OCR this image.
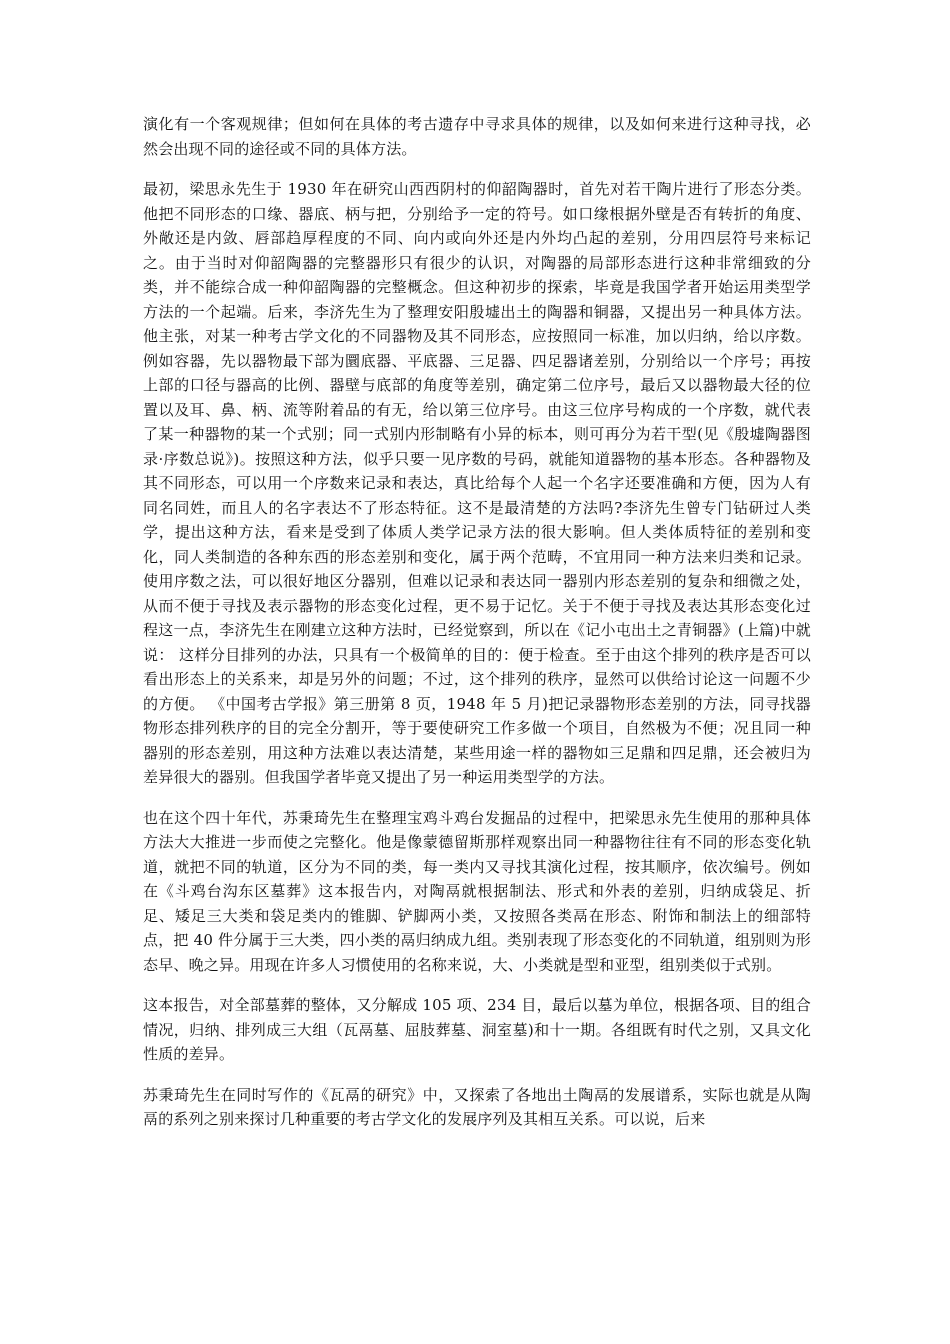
演化有一个客观规律；但如何在具体的考古遗存中寻求具体的规律，以及如何来进行这种寻找，必然会出现不同的途径或不同的具体方法。

最初，梁思永先生于 1930 年在研究山西西阴村的仰韶陶器时，首先对若干陶片进行了形态分类。他把不同形态的口缘、器底、柄与把，分别给予一定的符号。如口缘根据外壁是否有转折的角度、外敞还是内敛、唇部趋厚程度的不同、向内或向外还是内外均凸起的差别，分用四层符号来标记之。由于当时对仰韶陶器的完整器形只有很少的认识，对陶器的局部形态进行这种非常细致的分类，并不能综合成一种仰韶陶器的完整概念。但这种初步的探索，毕竟是我国学者开始运用类型学方法的一个起端。后来，李济先生为了整理安阳殷墟出土的陶器和铜器，又提出另一种具体方法。他主张，对某一种考古学文化的不同器物及其不同形态，应按照同一标准，加以归纳，给以序数。例如容器，先以器物最下部为圜底器、平底器、三足器、四足器诸差别，分别给以一个序号；再按上部的口径与器高的比例、器壁与底部的角度等差别，确定第二位序号，最后又以器物最大径的位置以及耳、鼻、柄、流等附着品的有无，给以第三位序号。由这三位序号构成的一个序数，就代表了某一种器物的某一个式别；同一式别内形制略有小异的标本，则可再分为若干型(见《殷墟陶器图录·序数总说》)。按照这种方法，似乎只要一见序数的号码，就能知道器物的基本形态。各种器物及其不同形态，可以用一个序数来记录和表达，真比给每个人起一个名字还要准确和方便，因为人有同名同姓，而且人的名字表达不了形态特征。这不是最清楚的方法吗?李济先生曾专门钻研过人类学，提出这种方法，看来是受到了体质人类学记录方法的很大影响。但人类体质特征的差别和变化，同人类制造的各种东西的形态差别和变化，属于两个范畴，不宜用同一种方法来归类和记录。使用序数之法，可以很好地区分器别，但难以记录和表达同一器别内形态差别的复杂和细微之处，从而不便于寻找及表示器物的形态变化过程，更不易于记忆。关于不便于寻找及表达其形态变化过程这一点，李济先生在刚建立这种方法时，已经觉察到，所以在《记小屯出土之青铜器》(上篇)中就说： 这样分目排列的办法，只具有一个极简单的目的：便于检查。至于由这个排列的秩序是否可以看出形态上的关系来，却是另外的问题；不过，这个排列的秩序，显然可以供给讨论这一问题不少的方便。 《中国考古学报》第三册第 8 页，1948 年 5 月)把记录器物形态差别的方法，同寻找器物形态排列秩序的目的完全分割开，等于要使研究工作多做一个项目，自然极为不便；况且同一种器别的形态差别，用这种方法难以表达清楚，某些用途一样的器物如三足鼎和四足鼎，还会被归为差异很大的器别。但我国学者毕竟又提出了另一种运用类型学的方法。

也在这个四十年代，苏秉琦先生在整理宝鸡斗鸡台发掘品的过程中，把梁思永先生使用的那种具体方法大大推进一步而使之完整化。他是像蒙德留斯那样观察出同一种器物往往有不同的形态变化轨道，就把不同的轨道，区分为不同的类，每一类内又寻找其演化过程，按其顺序，依次编号。例如在《斗鸡台沟东区墓葬》这本报告内，对陶鬲就根据制法、形式和外表的差别，归纳成袋足、折足、矮足三大类和袋足类内的锥脚、铲脚两小类，又按照各类鬲在形态、附饰和制法上的细部特点，把 40 件分属于三大类，四小类的鬲归纳成九组。类别表现了形态变化的不同轨道，组别则为形态早、晚之异。用现在许多人习惯使用的名称来说，大、小类就是型和亚型，组别类似于式别。

这本报告，对全部墓葬的整体，又分解成 105 项、234 目，最后以墓为单位，根据各项、目的组合情况，归纳、排列成三大组（瓦鬲墓、屈肢葬墓、洞室墓)和十一期。各组既有时代之别，又具文化性质的差异。

苏秉琦先生在同时写作的《瓦鬲的研究》中，又探索了各地出土陶鬲的发展谱系，实际也就是从陶鬲的系列之别来探讨几种重要的考古学文化的发展序列及其相互关系。可以说，后来
